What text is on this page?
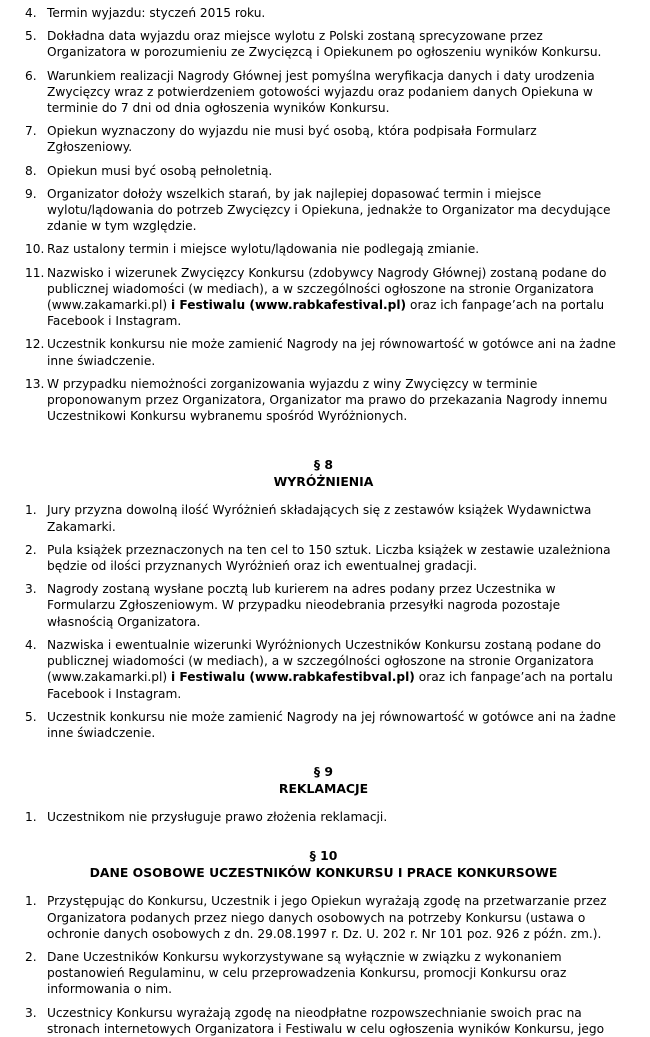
4. Termin wyjazdu: styczeń 2015 roku.
5. Dokładna data wyjazdu oraz miejsce wylotu z Polski zostaną sprecyzowane przez Organizatora w porozumieniu ze Zwycięzcą i Opiekunem po ogłoszeniu wyników Konkursu.
6. Warunkiem realizacji Nagrody Głównej jest pomyślna weryfikacja danych i daty urodzenia Zwycięzcy wraz z potwierdzeniem gotowości wyjazdu oraz podaniem danych Opiekuna w terminie do 7 dni od dnia ogłoszenia wyników Konkursu.
7. Opiekun wyznaczony do wyjazdu nie musi być osobą, która podpisała Formularz Zgłoszeniowy.
8. Opiekun musi być osobą pełnoletnią.
9. Organizator dołoży wszelkich starań, by jak najlepiej dopasować termin i miejsce wylotu/lądowania do potrzeb Zwycięzcy i Opiekuna, jednakże to Organizator ma decydujące zdanie w tym względzie.
10. Raz ustalony termin i miejsce wylotu/lądowania nie podlegają zmianie.
11. Nazwisko i wizerunek Zwycięzcy Konkursu (zdobywcy Nagrody Głównej) zostaną podane do publicznej wiadomości (w mediach), a w szczególności ogłoszone na stronie Organizatora (www.zakamarki.pl) i Festiwalu (www.rabkafestival.pl) oraz ich fanpage’ach na portalu Facebook i Instagram.
12. Uczestnik konkursu nie może zamienić Nagrody na jej równowartość w gotówce ani na żadne inne świadczenie.
13. W przypadku niemożności zorganizowania wyjazdu z winy Zwycięzcy w terminie proponowanym przez Organizatora, Organizator ma prawo do przekazania Nagrody innemu Uczestnikowi Konkursu wybranemu spośród Wyróżnionych.

§ 8

WYRÓŻNIENIA

1. Jury przyzna dowolną ilość Wyróżnień składających się z zestawów książek Wydawnictwa Zakamarki.
2. Pula książek przeznaczonych na ten cel to 150 sztuk. Liczba książek w zestawie uzależniona będzie od ilości przyznanych Wyróżnień oraz ich ewentualnej gradacji.
3. Nagrody zostaną wysłane pocztą lub kurierem na adres podany przez Uczestnika w Formularzu Zgłoszeniowym. W przypadku nieodebrania przesyłki nagroda pozostaje własnością Organizatora.
4. Nazwiska i ewentualnie wizerunki Wyróżnionych Uczestników Konkursu zostaną podane do publicznej wiadomości (w mediach), a w szczególności ogłoszone na stronie Organizatora (www.zakamarki.pl) i Festiwalu (www.rabkafestibval.pl) oraz ich fanpage’ach na portalu Facebook i Instagram.
5. Uczestnik konkursu nie może zamienić Nagrody na jej równowartość w gotówce ani na żadne inne świadczenie.

§ 9

REKLAMACJE

1. Uczestnikom nie przysługuje prawo złożenia reklamacji.

§ 10

DANE OSOBOWE UCZESTNIKÓW KONKURSU I PRACE KONKURSOWE

1. Przystępując do Konkursu, Uczestnik i jego Opiekun wyrażają zgodę na przetwarzanie przez Organizatora podanych przez niego danych osobowych na potrzeby Konkursu (ustawa o ochronie danych osobowych z dn. 29.08.1997 r. Dz. U. 202 r. Nr 101 poz. 926 z późn. zm.).
2. Dane Uczestników Konkursu wykorzystywane są wyłącznie w związku z wykonaniem postanowień Regulaminu, w celu przeprowadzenia Konkursu, promocji Konkursu oraz informowania o nim.
3. Uczestnicy Konkursu wyrażają zgodę na nieodpłatne rozpowszechnianie swoich prac na stronach internetowych Organizatora i Festiwalu w celu ogłoszenia wyników Konkursu, jego
